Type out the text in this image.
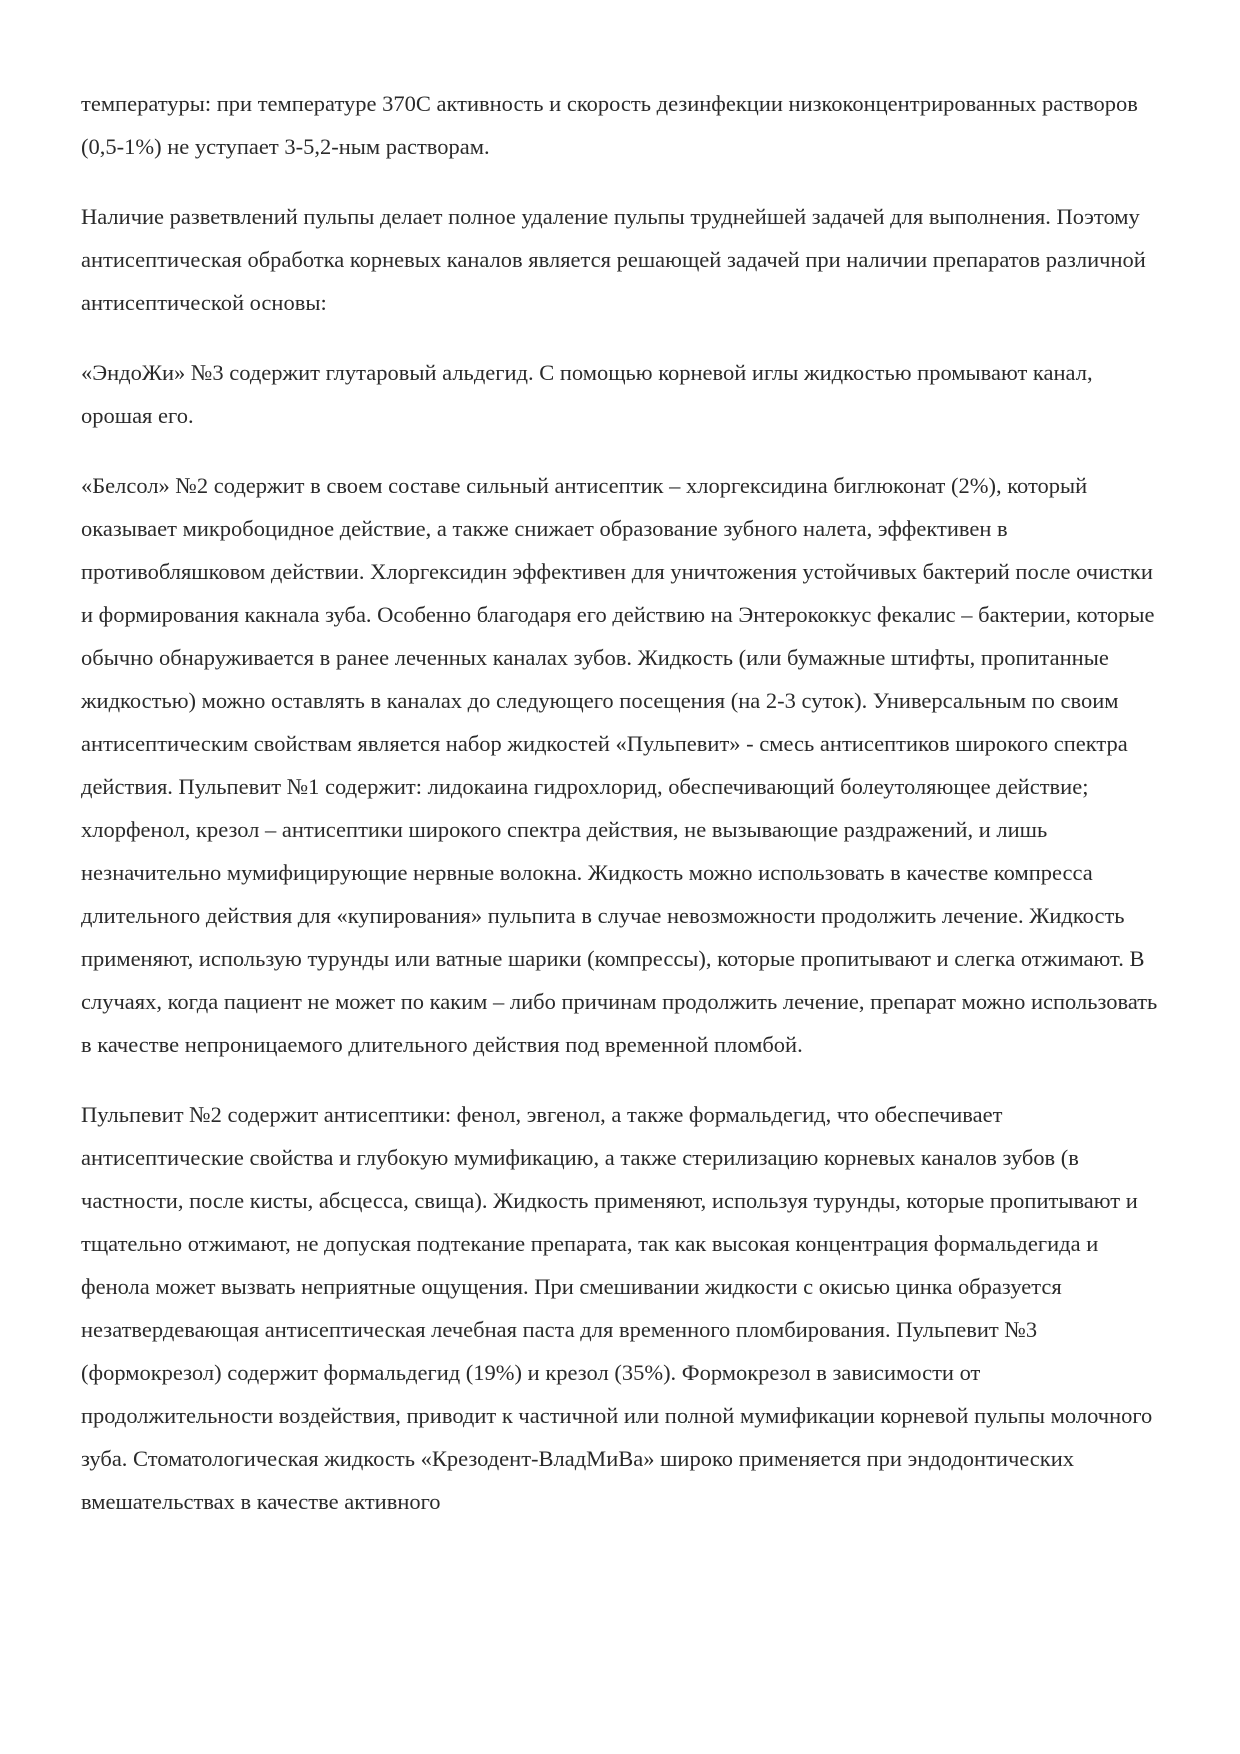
температуры: при температуре 370С активность и скорость дезинфекции низкоконцентрированных растворов (0,5-1%) не уступает 3-5,2-ным растворам.

Наличие разветвлений пульпы делает полное удаление пульпы труднейшей задачей для выполнения. Поэтому антисептическая обработка корневых каналов является решающей задачей при наличии препаратов различной антисептической основы:

«ЭндоЖи» №3 содержит глутаровый альдегид. С помощью корневой иглы жидкостью промывают канал, орошая его.

«Белсол» №2 содержит в своем составе сильный антисептик – хлоргексидина биглюконат (2%), который оказывает микробоцидное действие, а также снижает образование зубного налета, эффективен в противобляшковом действии. Хлоргексидин эффективен для уничтожения устойчивых бактерий после очистки и формирования какнала зуба. Особенно благодаря его действию на Энтерококкус фекалис – бактерии, которые обычно обнаруживается в ранее леченных каналах зубов. Жидкость (или бумажные штифты, пропитанные жидкостью) можно оставлять в каналах до следующего посещения (на 2-3 суток). Универсальным по своим антисептическим свойствам является набор жидкостей «Пульпевит» - смесь антисептиков широкого спектра действия. Пульпевит №1 содержит: лидокаина гидрохлорид, обеспечивающий болеутоляющее действие; хлорфенол, крезол – антисептики широкого спектра действия, не вызывающие раздражений, и лишь незначительно мумифицирующие нервные волокна. Жидкость можно использовать в качестве компресса длительного действия для «купирования» пульпита в случае невозможности продолжить лечение. Жидкость применяют, использую турунды или ватные шарики (компрессы), которые пропитывают и слегка отжимают. В случаях, когда пациент не может по каким – либо причинам продолжить лечение, препарат можно использовать в качестве непроницаемого длительного действия под временной пломбой.

Пульпевит №2 содержит антисептики: фенол, эвгенол, а также формальдегид, что обеспечивает антисептические свойства и глубокую мумификацию, а также стерилизацию корневых каналов зубов (в частности, после кисты, абсцесса, свища). Жидкость применяют, используя турунды, которые пропитывают и тщательно отжимают, не допуская подтекание препарата, так как высокая концентрация формальдегида и фенола может вызвать неприятные ощущения. При смешивании жидкости с окисью цинка образуется незатвердевающая антисептическая лечебная паста для временного пломбирования. Пульпевит №3 (формокрезол) содержит формальдегид (19%) и крезол (35%). Формокрезол в зависимости от продолжительности воздействия, приводит к частичной или полной мумификации корневой пульпы молочного зуба. Стоматологическая жидкость «Крезодент-ВладМиВа» широко применяется при эндодонтических вмешательствах в качестве активного
